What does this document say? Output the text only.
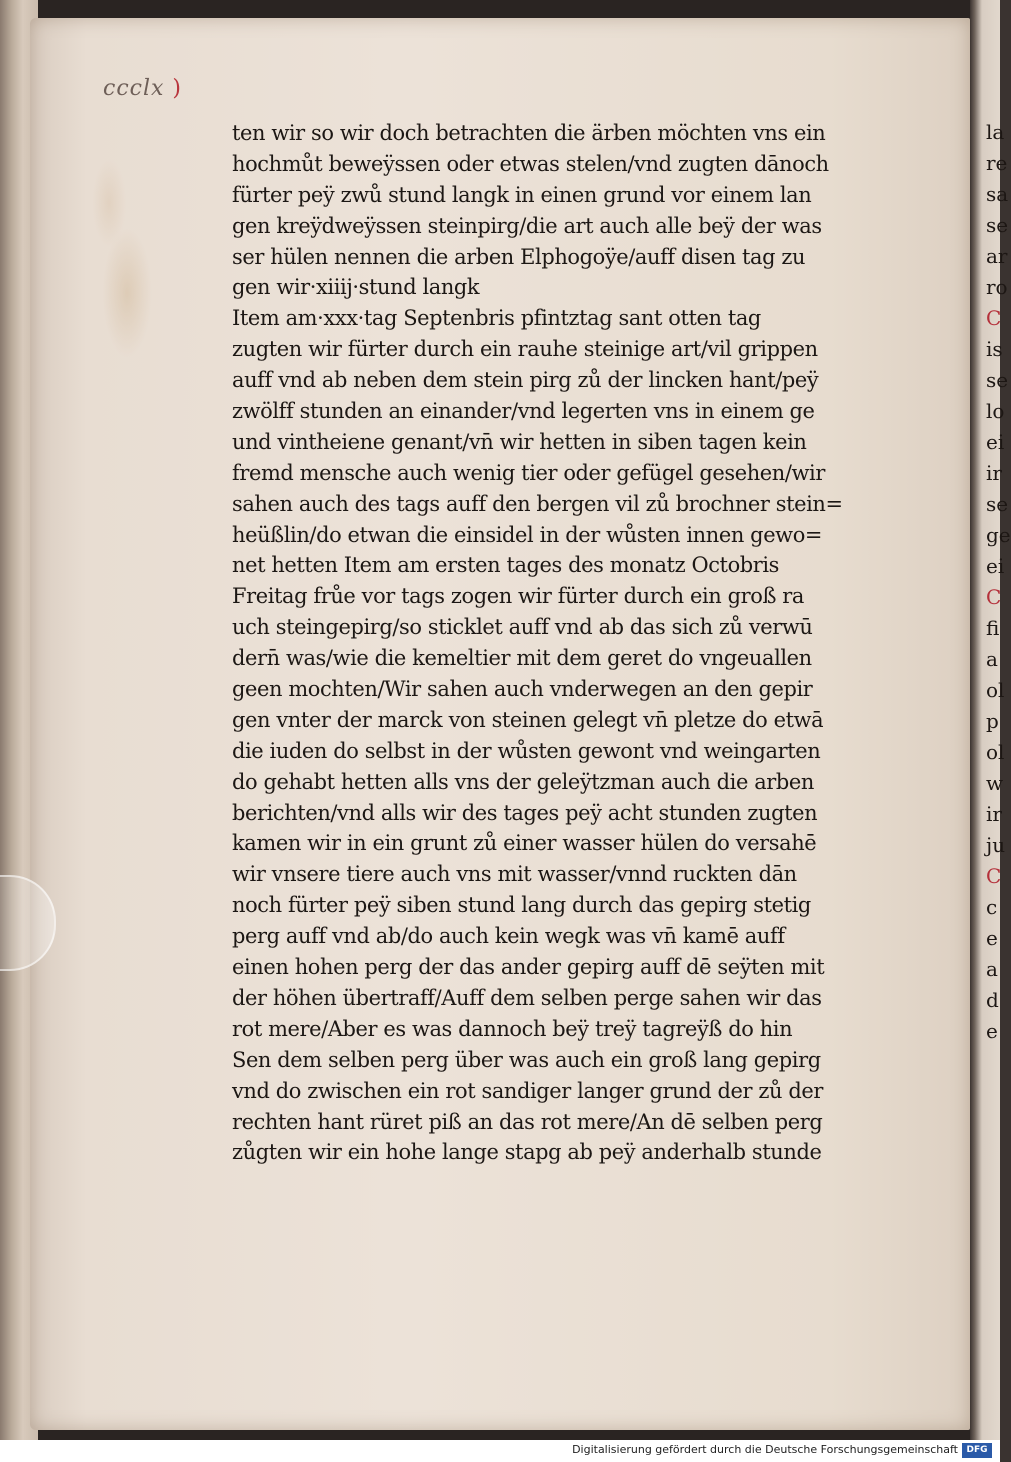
ccclx )
ten wir so wir doch betrachten die ärben möchten vns ein
hochmůt beweÿssen oder etwas stelen/vnd zugten dānoch
fürter peÿ zwů stund langk in einen grund vor einem lan
gen kreÿdweÿssen steinpirg/die art auch alle beÿ der was
ser hülen nennen die arben Elphogoÿe/auff disen tag zu
gen wir·xiiij·stund langk
Item am·xxx·tag Septenbris pfintztag sant otten tag
zugten wir fürter durch ein rauhe steinige art/vil grippen
auff vnd ab neben dem stein pirg zů der lincken hant/peÿ
zwölff stunden an einander/vnd legerten vns in einem ge
und vintheiene genant/vn̄ wir hetten in siben tagen kein
fremd mensche auch wenig tier oder gefügel gesehen/wir
sahen auch des tags auff den bergen vil zů brochner stein=
heüßlin/do etwan die einsidel in der wůsten innen gewo=
net hetten Item am ersten tages des monatz Octobris
Freitag frůe vor tags zogen wir fürter durch ein groß ra
uch steingepirg/so sticklet auff vnd ab das sich zů verwū
dern̄ was/wie die kemeltier mit dem geret do vngeuallen
geen mochten/Wir sahen auch vnderwegen an den gepir
gen vnter der marck von steinen gelegt vn̄ pletze do etwā
die iuden do selbst in der wůsten gewont vnd weingarten
do gehabt hetten alls vns der geleÿtzman auch die arben
berichten/vnd alls wir des tages peÿ acht stunden zugten
kamen wir in ein grunt zů einer wasser hülen do versahē
wir vnsere tiere auch vns mit wasser/vnnd ruckten dān
noch fürter peÿ siben stund lang durch das gepirg stetig
perg auff vnd ab/do auch kein wegk was vn̄ kamē auff
einen hohen perg der das ander gepirg auff dē seÿten mit
der höhen übertraff/Auff dem selben perge sahen wir das
rot mere/Aber es was dannoch beÿ treÿ tagreÿß do hin
Sen dem selben perg über was auch ein groß lang gepirg
vnd do zwischen ein rot sandiger langer grund der zů der
rechten hant rüret piß an das rot mere/An dē selben perg
zůgten wir ein hohe lange stapg ab peÿ anderhalb stunde
la
re
sa
se
ar
ro
C
is
se
lo
ei
ir
se
ge
ei
C
fi
a
ol
p
ol
w
ir
ju
C
c
e
a
d
e
Digitalisierung gefördert durch die Deutsche Forschungsgemeinschaft DFG
